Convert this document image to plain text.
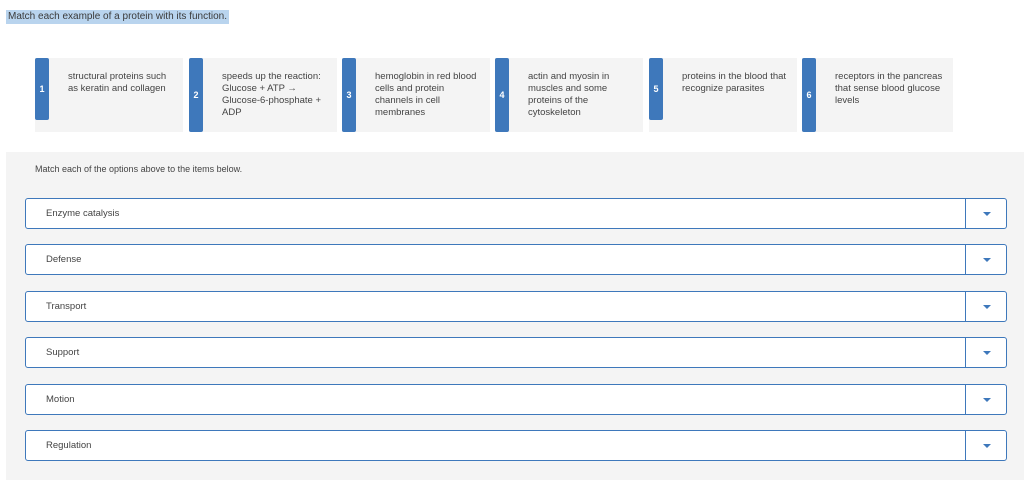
Match each example of a protein with its function.
1
structural proteins such as keratin and collagen
2
speeds up the reaction: Glucose + ATP → Glucose-6-phosphate + ADP
3
hemoglobin in red blood cells and protein channels in cell membranes
4
actin and myosin in muscles and some proteins of the cytoskeleton
5
proteins in the blood that recognize parasites
6
receptors in the pancreas that sense blood glucose levels
Match each of the options above to the items below.
Enzyme catalysis
Defense
Transport
Support
Motion
Regulation
